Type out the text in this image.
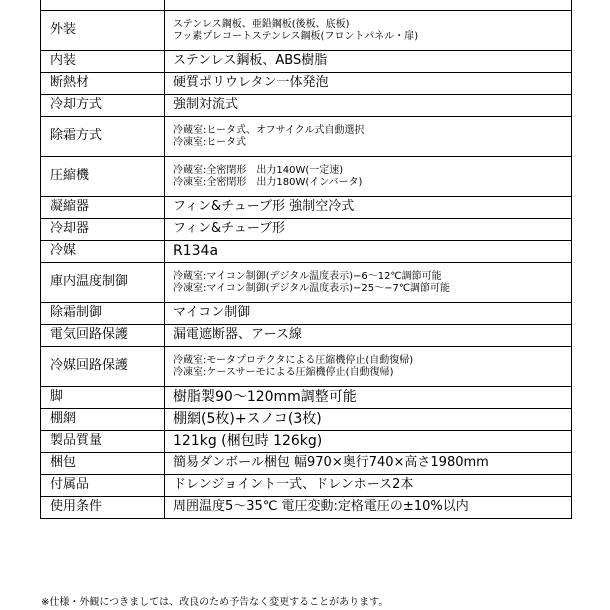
外装	ステンレス鋼板、亜鉛鋼板(後板、底板)
フッ素プレコートステンレス鋼板(フロントパネル・扉)

内装	ステンレス鋼板、ABS樹脂

断熱材	硬質ポリウレタン一体発泡

冷却方式	強制対流式

除霜方式	冷蔵室:ヒータ式、オフサイクル式自動選択
冷凍室:ヒータ式

圧縮機	冷蔵室:全密閉形　出力140W(一定速)
冷凍室:全密閉形　出力180W(インバータ)

凝縮器	フィン&チューブ形 強制空冷式

冷却器	フィン&チューブ形

冷媒	R134a

庫内温度制御	冷蔵室:マイコン制御(デジタル温度表示)−6〜12℃調節可能
冷凍室:マイコン制御(デジタル温度表示)−25〜−7℃調節可能

除霜制御	マイコン制御

電気回路保護	漏電遮断器、アース線

冷媒回路保護	冷蔵室:モータプロテクタによる圧縮機停止(自動復帰)
冷凍室:ケースサーモによる圧縮機停止(自動復帰)

脚	樹脂製90〜120mm調整可能

棚網	棚網(5枚)+スノコ(3枚)

製品質量	121kg (梱包時 126kg)

梱包	簡易ダンボール梱包 幅970×奥行740×高さ1980mm

付属品	ドレンジョイント一式、ドレンホース2本

使用条件	周囲温度5〜35℃ 電圧変動:定格電圧の±10%以内
※仕様・外観につきましては、改良のため予告なく変更することがあります。
